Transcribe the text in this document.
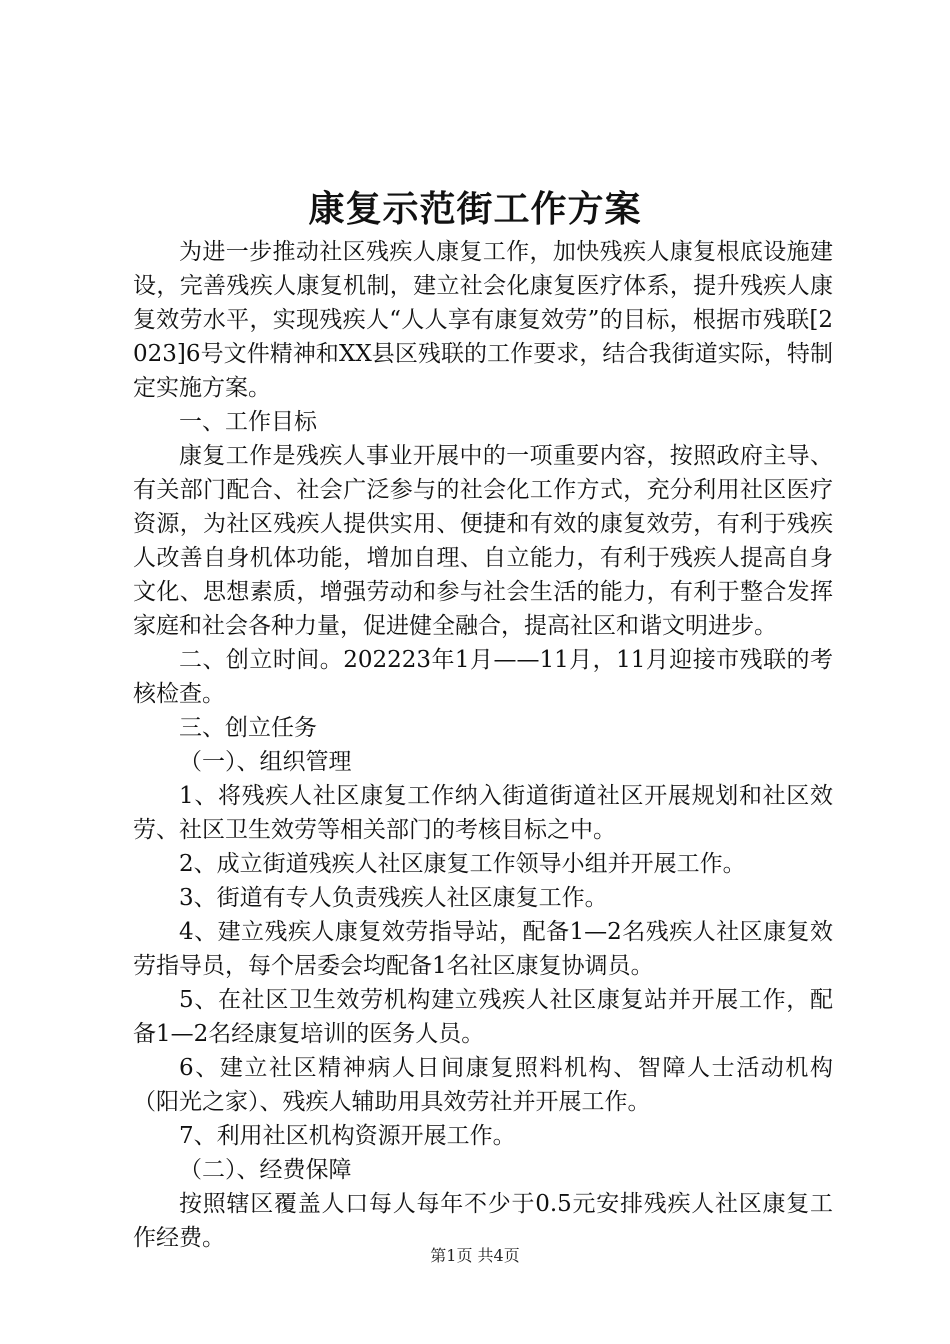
康复示范街工作方案

为进一步推动社区残疾人康复工作，加快残疾人康复根底设施建设，完善残疾人康复机制，建立社会化康复医疗体系，提升残疾人康复效劳水平，实现残疾人“人人享有康复效劳”的目标，根据市残联[2023]6号文件精神和XX县区残联的工作要求，结合我街道实际，特制定实施方案。

一、工作目标

康复工作是残疾人事业开展中的一项重要内容，按照政府主导、有关部门配合、社会广泛参与的社会化工作方式，充分利用社区医疗资源，为社区残疾人提供实用、便捷和有效的康复效劳，有利于残疾人改善自身机体功能，增加自理、自立能力，有利于残疾人提高自身文化、思想素质，增强劳动和参与社会生活的能力，有利于整合发挥家庭和社会各种力量，促进健全融合，提高社区和谐文明进步。

二、创立时间。202223年1月——11月，11月迎接市残联的考核检查。

三、创立任务

（一）、组织管理

1、将残疾人社区康复工作纳入街道街道社区开展规划和社区效劳、社区卫生效劳等相关部门的考核目标之中。

2、成立街道残疾人社区康复工作领导小组并开展工作。

3、街道有专人负责残疾人社区康复工作。

4、建立残疾人康复效劳指导站，配备1—2名残疾人社区康复效劳指导员，每个居委会均配备1名社区康复协调员。

5、在社区卫生效劳机构建立残疾人社区康复站并开展工作，配备1—2名经康复培训的医务人员。

6、建立社区精神病人日间康复照料机构、智障人士活动机构（阳光之家）、残疾人辅助用具效劳社并开展工作。

7、利用社区机构资源开展工作。

（二）、经费保障

按照辖区覆盖人口每人每年不少于0.5元安排残疾人社区康复工作经费。

第1页 共4页
